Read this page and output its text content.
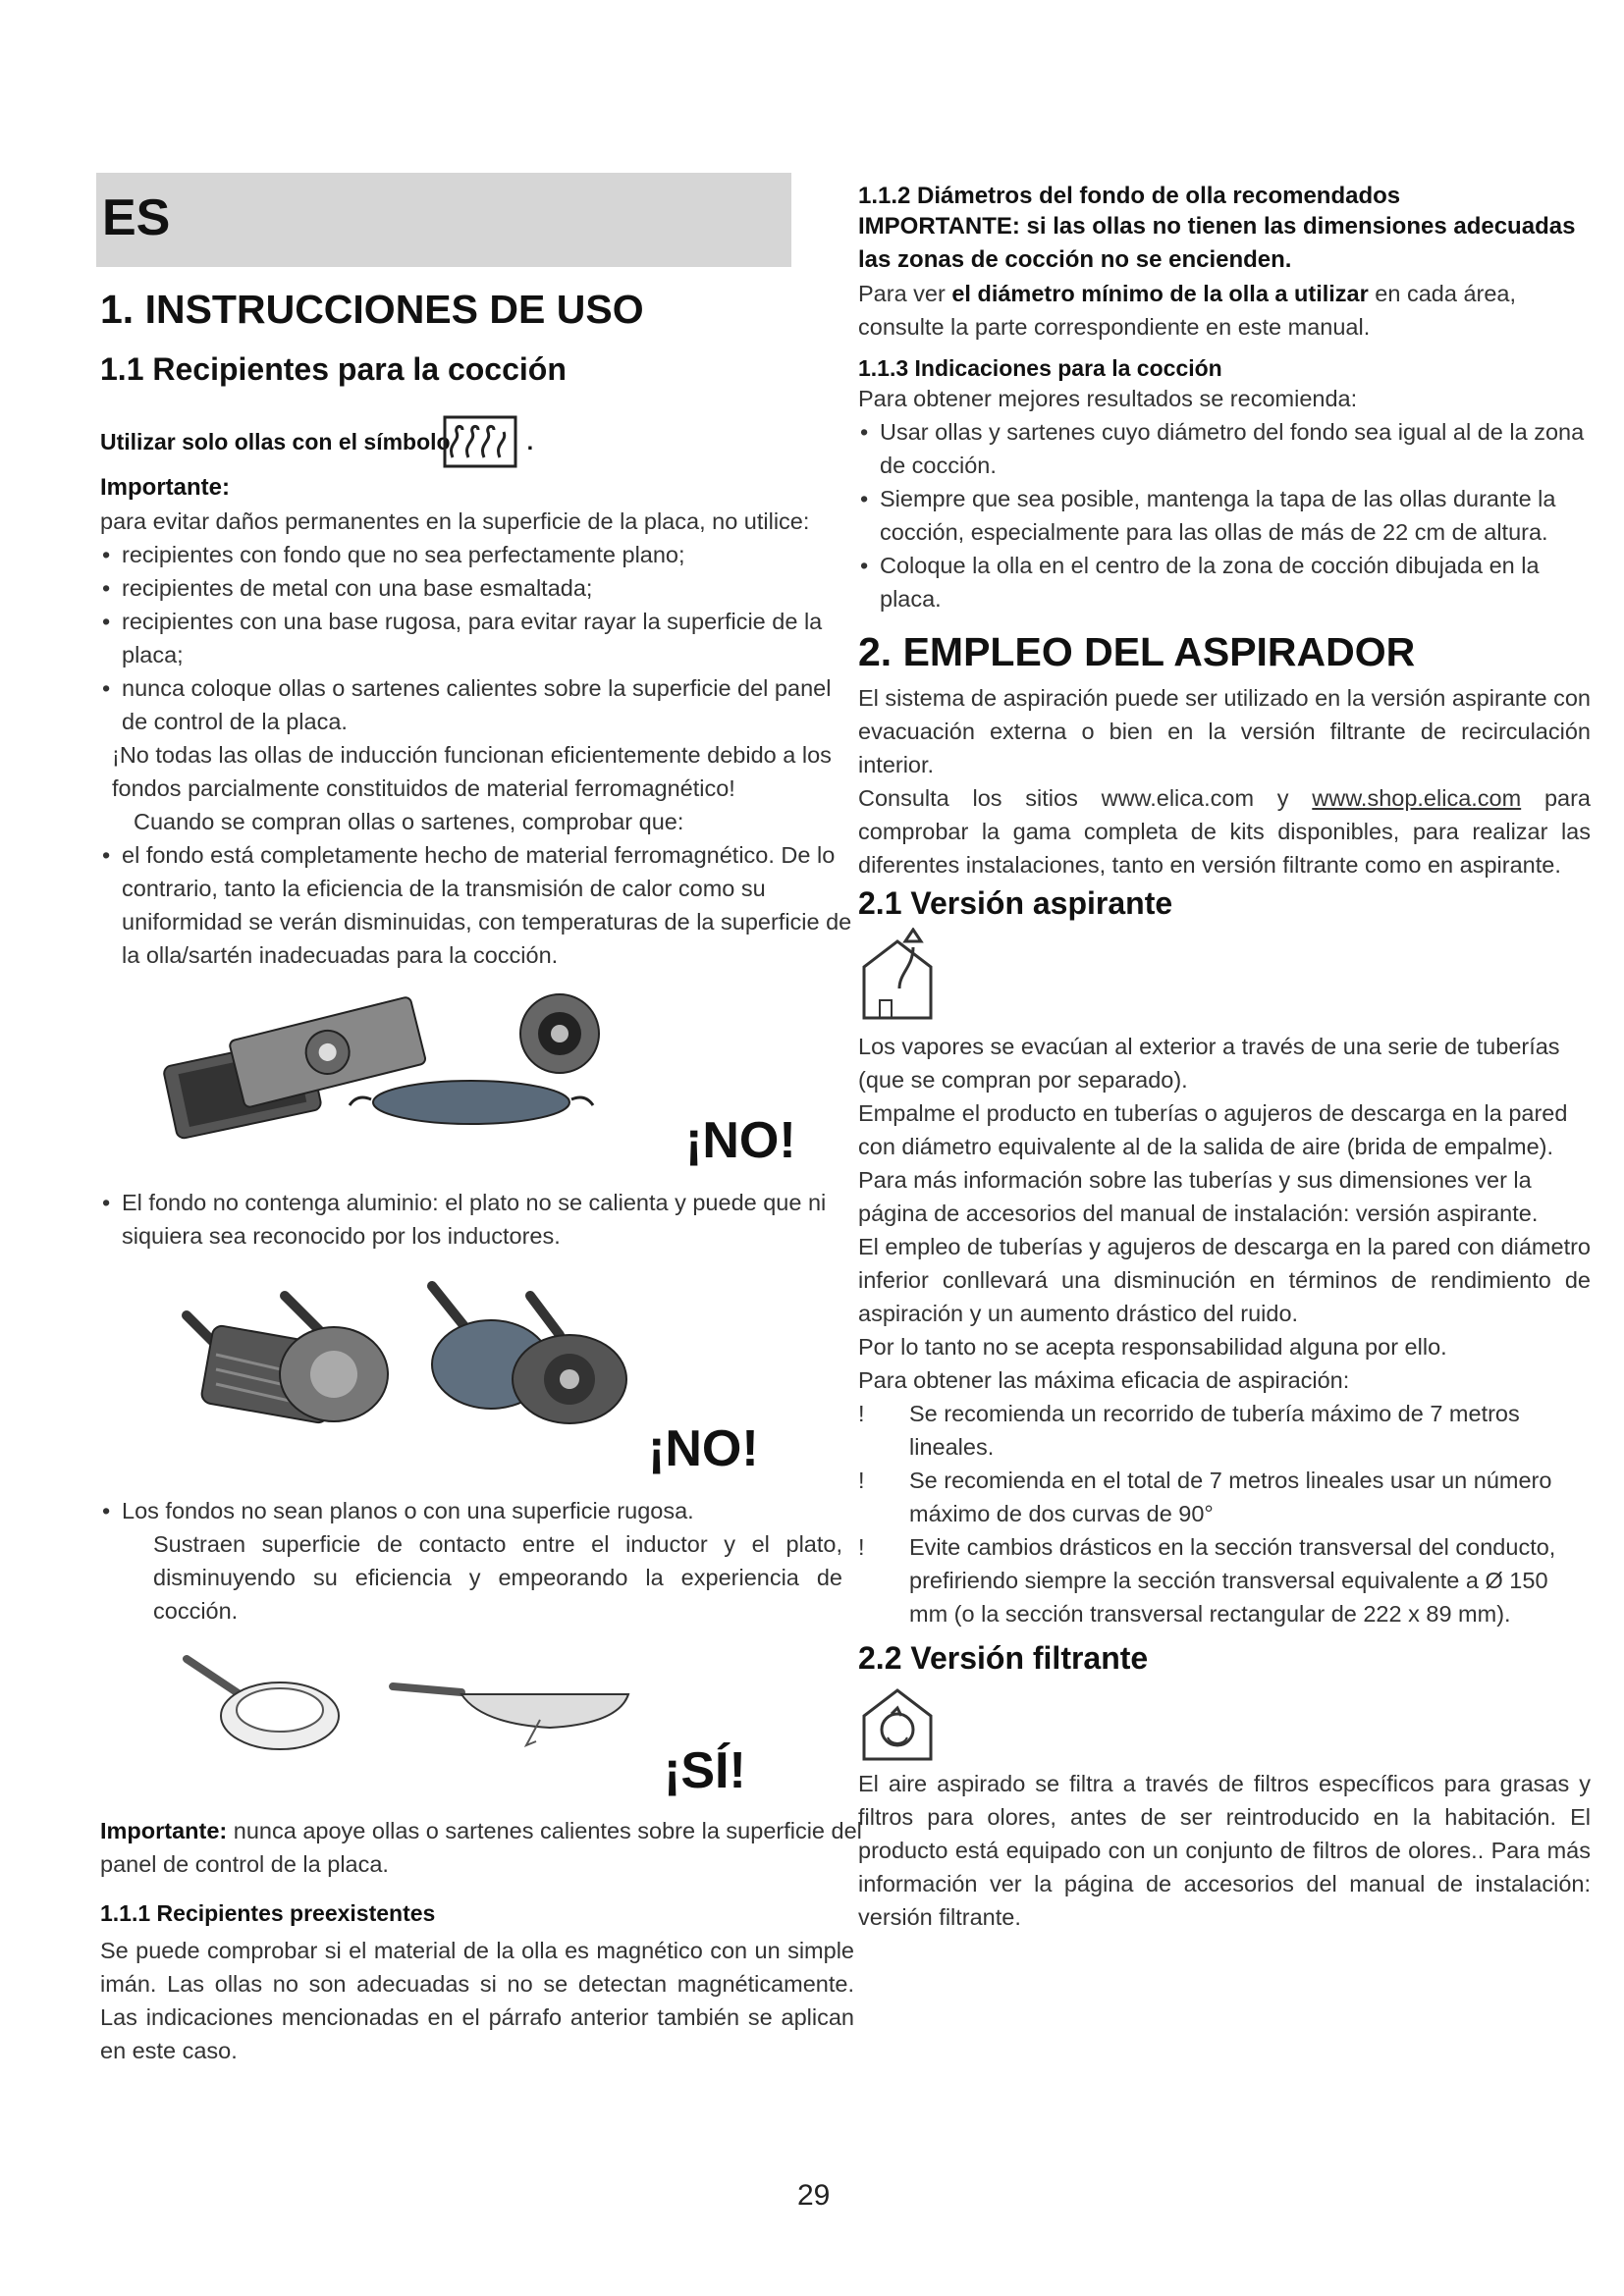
ES
1. INSTRUCCIONES DE USO
1.1 Recipientes para la cocción
Utilizar solo ollas con el símbolo	.

Importante:

para evitar daños permanentes en la superficie de la placa, no utilice:

• recipientes con fondo que no sea perfectamente plano;

• recipientes de metal con una base esmaltada;

• recipientes con una base rugosa, para evitar rayar la superficie de la placa;

• nunca coloque ollas o sartenes calientes sobre la superficie del panel de control de la placa.

¡No todas las ollas de inducción funcionan eficientemente debido a los fondos parcialmente constituidos de material ferromagnético!

Cuando se compran ollas o sartenes, comprobar que:

• el fondo está completamente hecho de material ferromagnético. De lo contrario, tanto la eficiencia de la transmisión de calor como su uniformidad se verán disminuidas, con temperaturas de la superficie de la olla/sartén inadecuadas para la cocción.

¡NO!

• El fondo no contenga aluminio: el plato no se calienta y puede que ni siquiera sea reconocido por los inductores.

¡NO!

• Los fondos no sean planos o con una superficie rugosa.

Sustraen superficie de contacto entre el inductor y el plato, disminuyendo su eficiencia y empeorando la experiencia de cocción.

¡SÍ!

Importante: nunca apoye ollas o sartenes calientes sobre la superficie del panel de control de la placa.

1.1.1 Recipientes preexistentes
Se puede comprobar si el material de la olla es magnético con un simple imán. Las ollas no son adecuadas si no se detectan magnéticamente. Las indicaciones mencionadas en el párrafo anterior también se aplican en este caso.
1.1.2 Diámetros del fondo de olla recomendados

IMPORTANTE: si las ollas no tienen las dimensiones adecuadas las zonas de cocción no se encienden.

Para ver el diámetro mínimo de la olla a utilizar en cada área, consulte la parte correspondiente en este manual.

1.1.3 Indicaciones para la cocción

Para obtener mejores resultados se recomienda:

• Usar ollas y sartenes cuyo diámetro del fondo sea igual al de la zona de cocción.

• Siempre que sea posible, mantenga la tapa de las ollas durante la cocción, especialmente para las ollas de más de 22 cm de altura.

• Coloque la olla en el centro de la zona de cocción dibujada en la placa.

2. EMPLEO DEL ASPIRADOR

El sistema de aspiración puede ser utilizado en la versión aspirante con evacuación externa o bien en la versión filtrante de recirculación interior.

Consulta los sitios www.elica.com y www.shop.elica.com para comprobar la gama completa de kits disponibles, para realizar las diferentes instalaciones, tanto en versión filtrante como en aspirante.

2.1 Versión aspirante

Los vapores se evacúan al exterior a través de una serie de tuberías (que se compran por separado).

Empalme el producto en tuberías o agujeros de descarga en la pared con diámetro equivalente al de la salida de aire (brida de empalme).

Para más información sobre las tuberías y sus dimensiones ver la página de accesorios del manual de instalación: versión aspirante.

El empleo de tuberías y agujeros de descarga en la pared con diámetro inferior conllevará una disminución en términos de rendimiento de aspiración y un aumento drástico del ruido.

Por lo tanto no se acepta responsabilidad alguna por ello.

Para obtener las máxima eficacia de aspiración:

! Se recomienda un recorrido de tubería máximo de 7 metros lineales.

! Se recomienda en el total de 7 metros lineales usar un número máximo de dos curvas de 90°

! Evite cambios drásticos en la sección transversal del conducto, prefiriendo siempre la sección transversal equivalente a Ø 150 mm (o la sección transversal rectangular de 222 x 89 mm).

2.2 Versión filtrante
El aire aspirado se filtra a través de filtros específicos para grasas y filtros para olores, antes de ser reintroducido en la habitación. El producto está equipado con un conjunto de filtros de olores.. Para más información ver la página de accesorios del manual de instalación: versión filtrante.
29
